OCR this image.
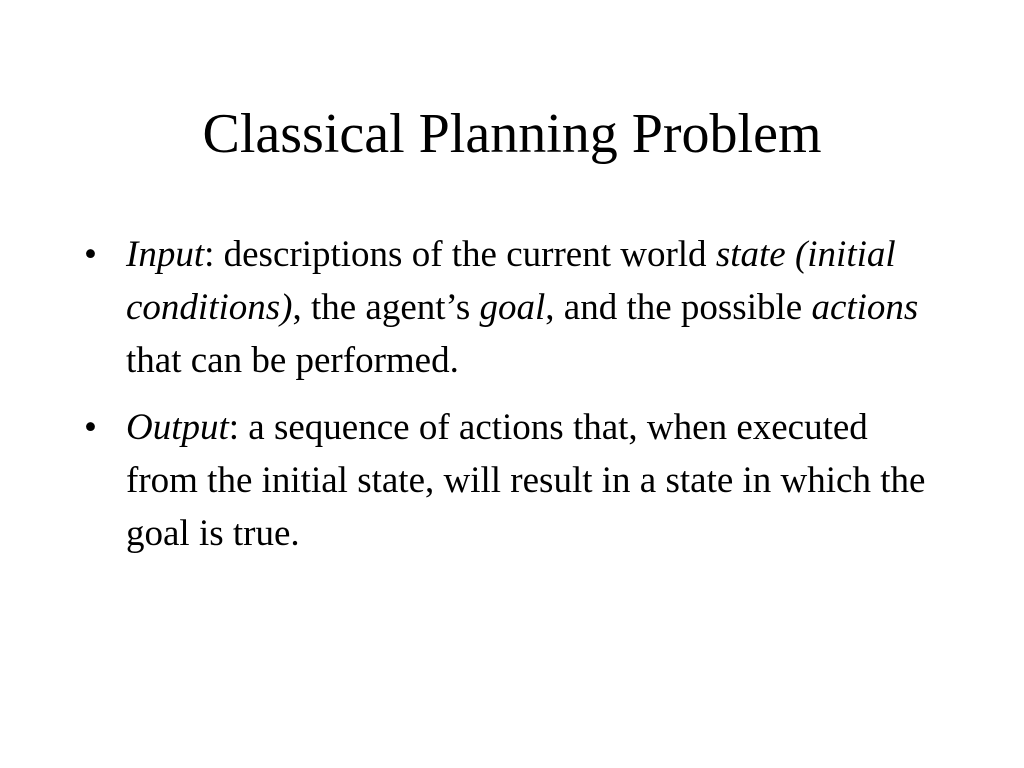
Classical Planning Problem
• Input: descriptions of the current world state (initial conditions), the agent’s goal, and the possible actions that can be performed.
• Output: a sequence of actions that, when executed from the initial state, will result in a state in which the goal is true.
